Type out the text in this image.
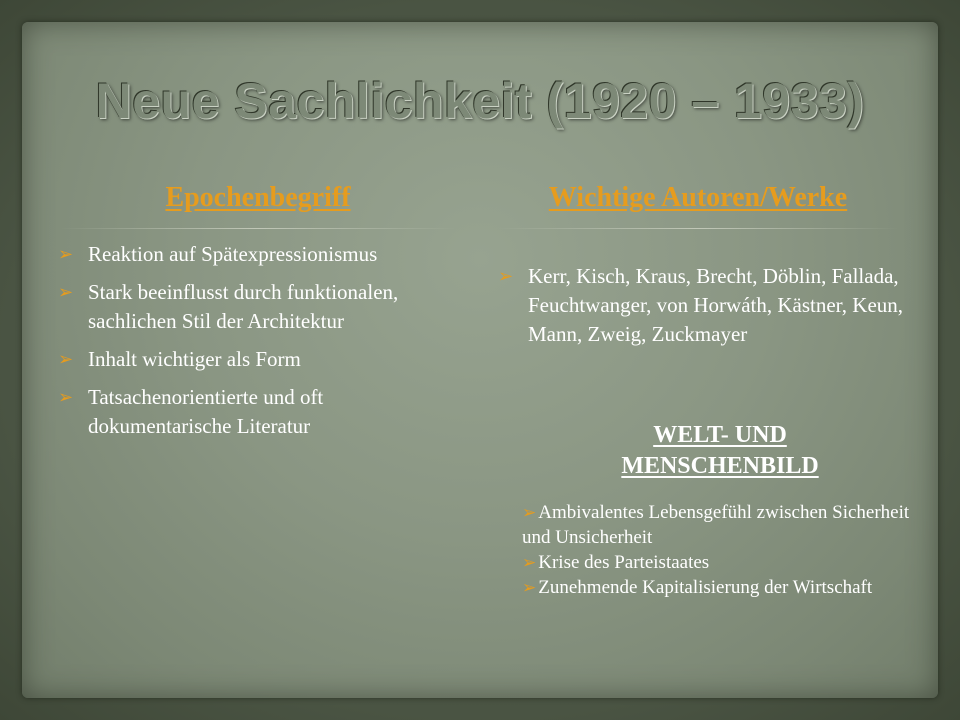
Neue Sachlichkeit (1920 – 1933)
Epochenbegriff	Wichtige Autoren/Werke
➢ Reaktion auf Spätexpressionismus
➢ Stark beeinflusst durch funktionalen, sachlichen Stil der Architektur
➢ Inhalt wichtiger als Form
➢ Tatsachenorientierte und oft dokumentarische Literatur
➢ Kerr, Kisch, Kraus, Brecht, Döblin, Fallada, Feuchtwanger, von Horwáth, Kästner, Keun, Mann, Zweig, Zuckmayer
WELT- UND MENSCHENBILD
➢ Ambivalentes Lebensgefühl zwischen Sicherheit und Unsicherheit
➢ Krise des Parteistaates
➢ Zunehmende Kapitalisierung der Wirtschaft
